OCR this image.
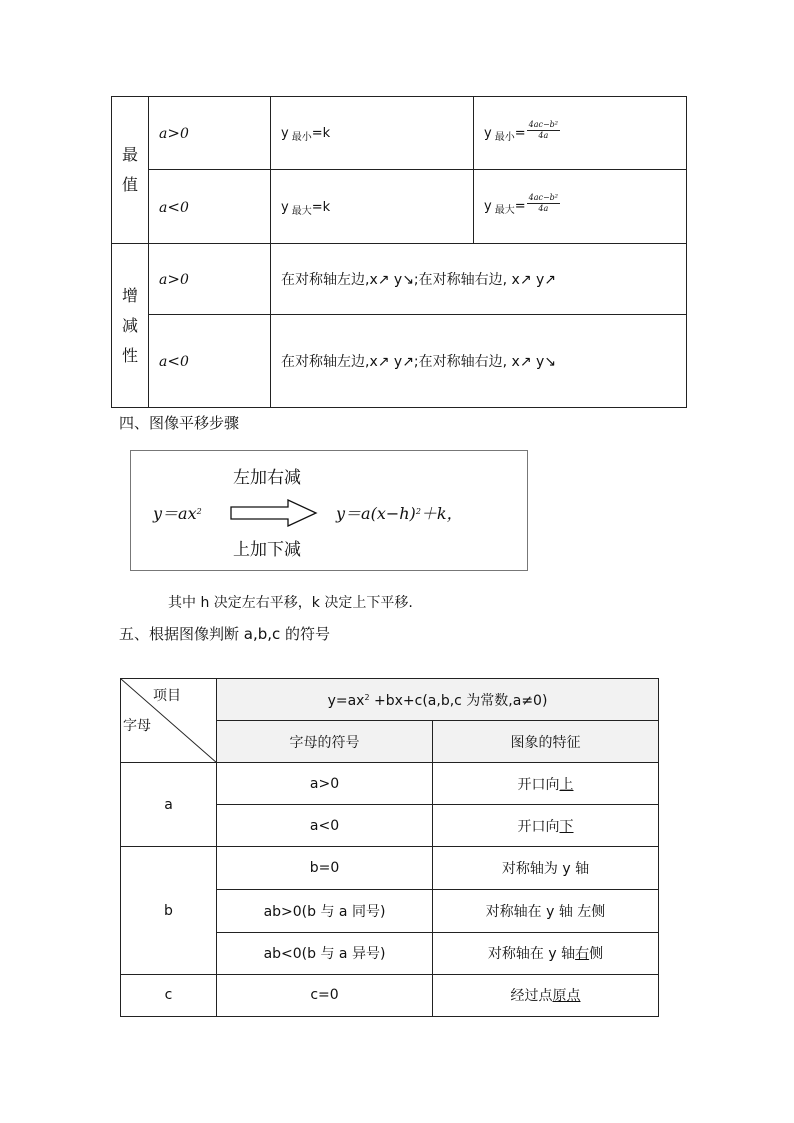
最
值	a>0	y $_{最小}$=k	y $_{最小}= \frac{\text{4ac−b²}}{4a}$

	a<0	y $_{最大}$=k	y $_{最大}= \frac{\text{4ac−b²}}{4a}$

增
减
性	a>0	在对称轴左边,x↗ y↘;在对称轴右边, x↗ y↗	
	a<0	在对称轴左边,x↗ y↗;在对称轴右边, x↗ y↘	
四、图像平移步骤
左加右减
上加下减
$y=ax^2$	$y=a(x-h)^2+k$，
其中 h 决定左右平移，k 决定上下平移.
五、根据图像判断 a,b,c 的符号
项目
字母	$y=ax^2 +bx+c(a,b,c$ 为常数,a≠0)	
	字母的符号	图象的特征
a	a>0	开口向上
	a<0	开口向下
b	b=0	对称轴为 y 轴
	ab>0(b 与 a 同号)	对称轴在 y 轴 左侧
	ab<0(b 与 a 异号)	对称轴在 y 轴右侧
c	c=0	经过点原点
